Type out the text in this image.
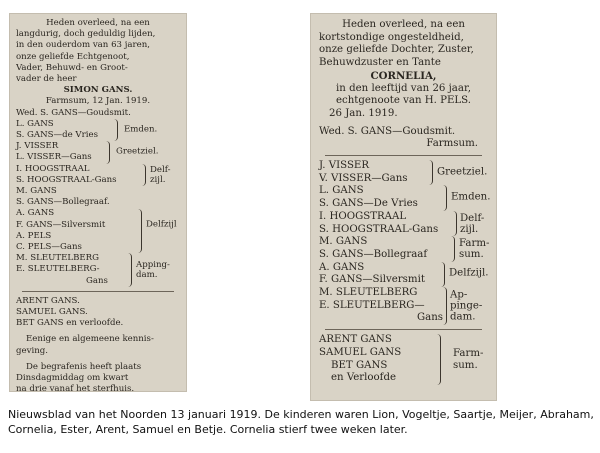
Heden overleed, na een
langdurig, doch geduldig lijden,
in den ouderdom van 63 jaren,
onze geliefde Echtgenoot,
Vader, Behuwd- en Groot-
vader de heer
SIMON GANS.
Farmsum, 12 Jan. 1919.
Wed. S. GANS—Goudsmit.
L. GANS
S. GANS—de Vries
Emden.
J. VISSER
L. VISSER—Gans
Greetziel.
I. HOOGSTRAAL
S. HOOGSTRAAL-Gans
Delf-
zijl.
M. GANS
S. GANS—Bollegraaf.
A. GANS
F. GANS—Silversmit
A. PELS
C. PELS—Gans
Delfzijl
M. SLEUTELBERG
E. SLEUTELBERG-
Gans
Apping-
dam.
ARENT GANS.
SAMUEL GANS.
BET GANS en verloofde.
Eenige en algemeene kennis-
geving.
De begrafenis heeft plaats
Dinsdagmiddag om kwart
na drie vanaf het sterfhuis.
Heden overleed, na een
kortstondige ongesteldheid,
onze geliefde Dochter, Zuster,
Behuwdzuster en Tante
CORNELIA,
in den leeftijd van 26 jaar,
echtgenoote van H. PELS.
26 Jan. 1919.
Wed. S. GANS—Goudsmit.
Farmsum.
J. VISSER
V. VISSER—Gans
Greetziel.
L. GANS
S. GANS—De Vries
Emden.
I. HOOGSTRAAL
S. HOOGSTRAAL-Gans
Delf-
zijl.
M. GANS
S. GANS—Bollegraaf
Farm-
sum.
A. GANS
F. GANS—Silversmit
Delfzijl.
M. SLEUTELBERG
E. SLEUTELBERG—
Gans
Ap-
pinge-
dam.
ARENT GANS
SAMUEL GANS
BET GANS
en Verloofde
Farm-
sum.
Nieuwsblad van het Noorden 13 januari 1919. De kinderen waren Lion, Vogeltje, Saartje, Meijer, Abraham, Cornelia, Ester, Arent, Samuel en Betje. Cornelia stierf twee weken later.
